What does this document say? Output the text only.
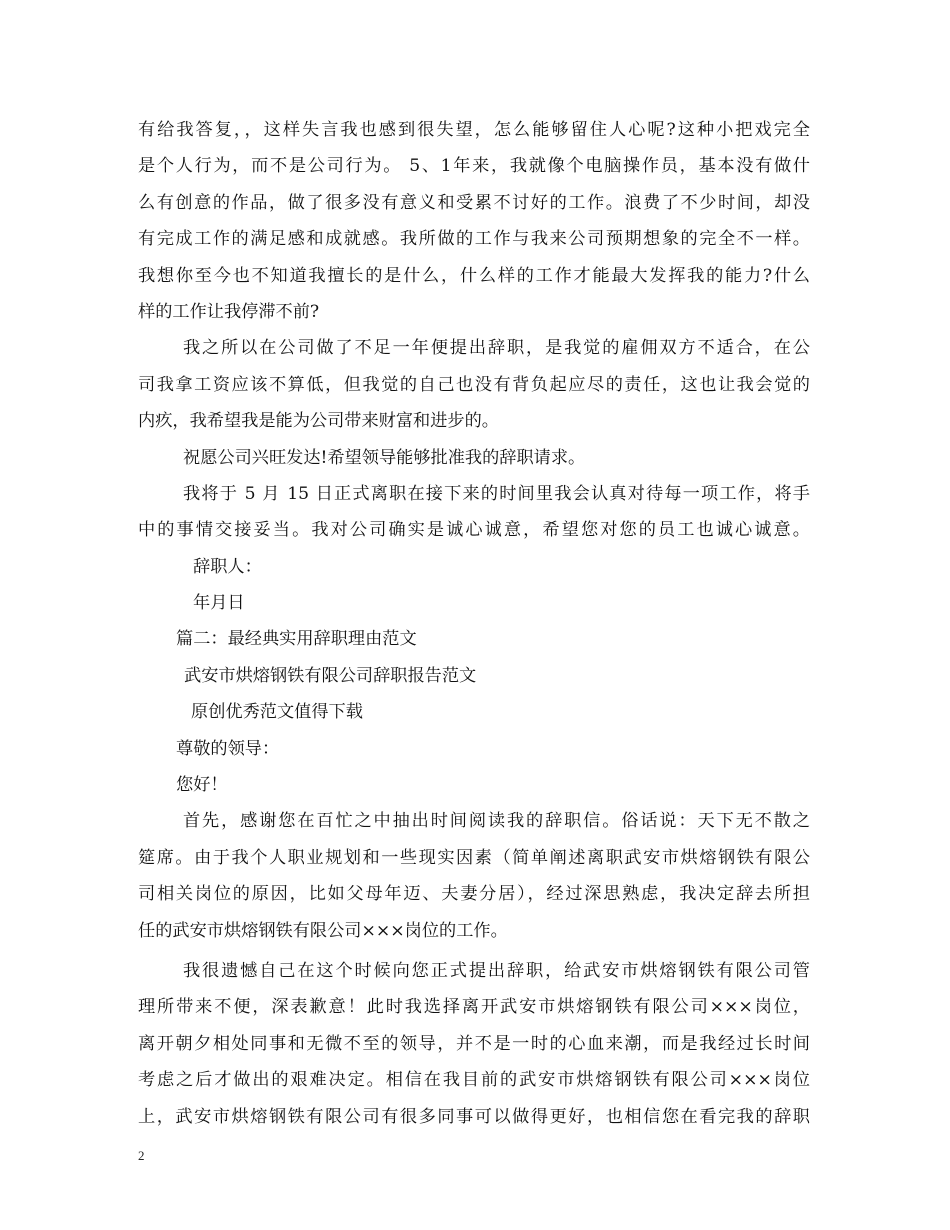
有给我答复，，这样失言我也感到很失望，怎么能够留住人心呢?这种小把戏完全
是个人行为，而不是公司行为。 5、1年来，我就像个电脑操作员，基本没有做什
么有创意的作品，做了很多没有意义和受累不讨好的工作。浪费了不少时间，却没
有完成工作的满足感和成就感。我所做的工作与我来公司预期想象的完全不一样。
我想你至今也不知道我擅长的是什么，什么样的工作才能最大发挥我的能力?什么
样的工作让我停滞不前?
我之所以在公司做了不足一年便提出辞职，是我觉的雇佣双方不适合，在公
司我拿工资应该不算低，但我觉的自己也没有背负起应尽的责任，这也让我会觉的
内疚，我希望我是能为公司带来财富和进步的。
祝愿公司兴旺发达!希望领导能够批准我的辞职请求。
我将于 5 月 15 日正式离职在接下来的时间里我会认真对待每一项工作，将手
中的事情交接妥当。我对公司确实是诚心诚意，希望您对您的员工也诚心诚意。
辞职人：
年月日
篇二：最经典实用辞职理由范文
武安市烘熔钢铁有限公司辞职报告范文
原创优秀范文值得下载
尊敬的领导：
您好！
首先，感谢您在百忙之中抽出时间阅读我的辞职信。俗话说：天下无不散之
筵席。由于我个人职业规划和一些现实因素（简单阐述离职武安市烘熔钢铁有限公
司相关岗位的原因，比如父母年迈、夫妻分居），经过深思熟虑，我决定辞去所担
任的武安市烘熔钢铁有限公司×××岗位的工作。
我很遗憾自己在这个时候向您正式提出辞职，给武安市烘熔钢铁有限公司管
理所带来不便，深表歉意！此时我选择离开武安市烘熔钢铁有限公司×××岗位，
离开朝夕相处同事和无微不至的领导，并不是一时的心血来潮，而是我经过长时间
考虑之后才做出的艰难决定。相信在我目前的武安市烘熔钢铁有限公司×××岗位
上，武安市烘熔钢铁有限公司有很多同事可以做得更好，也相信您在看完我的辞职
2
